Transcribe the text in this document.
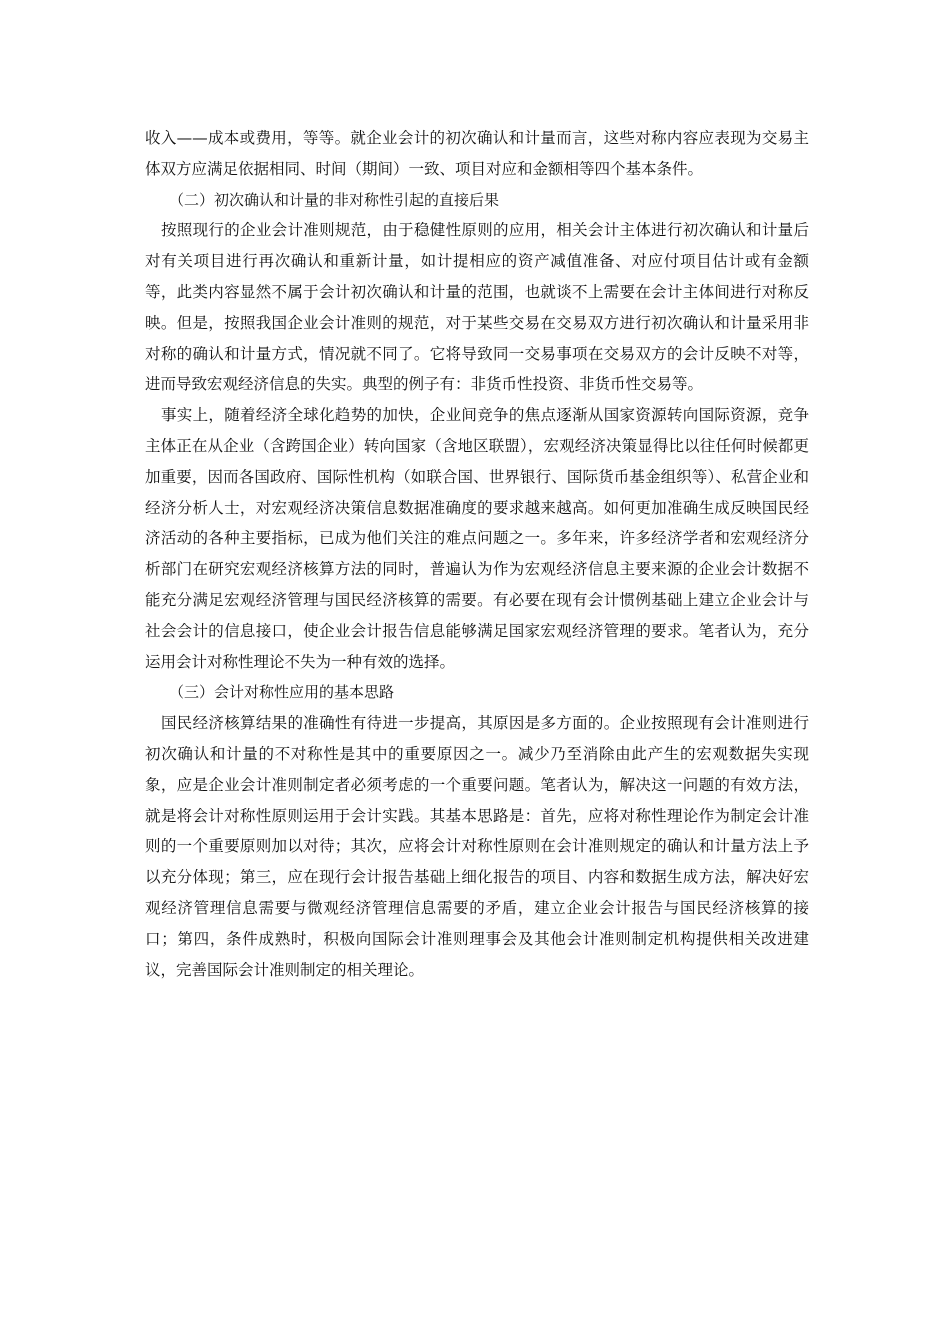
收入——成本或费用，等等。就企业会计的初次确认和计量而言，这些对称内容应表现为交易主体双方应满足依据相同、时间（期间）一致、项目对应和金额相等四个基本条件。

（二）初次确认和计量的非对称性引起的直接后果

按照现行的企业会计准则规范，由于稳健性原则的应用，相关会计主体进行初次确认和计量后对有关项目进行再次确认和重新计量，如计提相应的资产减值准备、对应付项目估计或有金额等，此类内容显然不属于会计初次确认和计量的范围，也就谈不上需要在会计主体间进行对称反映。但是，按照我国企业会计准则的规范，对于某些交易在交易双方进行初次确认和计量采用非对称的确认和计量方式，情况就不同了。它将导致同一交易事项在交易双方的会计反映不对等，进而导致宏观经济信息的失实。典型的例子有：非货币性投资、非货币性交易等。

事实上，随着经济全球化趋势的加快，企业间竞争的焦点逐渐从国家资源转向国际资源，竞争主体正在从企业（含跨国企业）转向国家（含地区联盟），宏观经济决策显得比以往任何时候都更加重要，因而各国政府、国际性机构（如联合国、世界银行、国际货币基金组织等）、私营企业和经济分析人士，对宏观经济决策信息数据准确度的要求越来越高。如何更加准确生成反映国民经济活动的各种主要指标，已成为他们关注的难点问题之一。多年来，许多经济学者和宏观经济分析部门在研究宏观经济核算方法的同时，普遍认为作为宏观经济信息主要来源的企业会计数据不能充分满足宏观经济管理与国民经济核算的需要。有必要在现有会计惯例基础上建立企业会计与社会会计的信息接口，使企业会计报告信息能够满足国家宏观经济管理的要求。笔者认为，充分运用会计对称性理论不失为一种有效的选择。

（三）会计对称性应用的基本思路

国民经济核算结果的准确性有待进一步提高，其原因是多方面的。企业按照现有会计准则进行初次确认和计量的不对称性是其中的重要原因之一。减少乃至消除由此产生的宏观数据失实现象，应是企业会计准则制定者必须考虑的一个重要问题。笔者认为，解决这一问题的有效方法，就是将会计对称性原则运用于会计实践。其基本思路是：首先，应将对称性理论作为制定会计准则的一个重要原则加以对待；其次，应将会计对称性原则在会计准则规定的确认和计量方法上予以充分体现；第三，应在现行会计报告基础上细化报告的项目、内容和数据生成方法，解决好宏观经济管理信息需要与微观经济管理信息需要的矛盾，建立企业会计报告与国民经济核算的接口；第四，条件成熟时，积极向国际会计准则理事会及其他会计准则制定机构提供相关改进建议，完善国际会计准则制定的相关理论。
